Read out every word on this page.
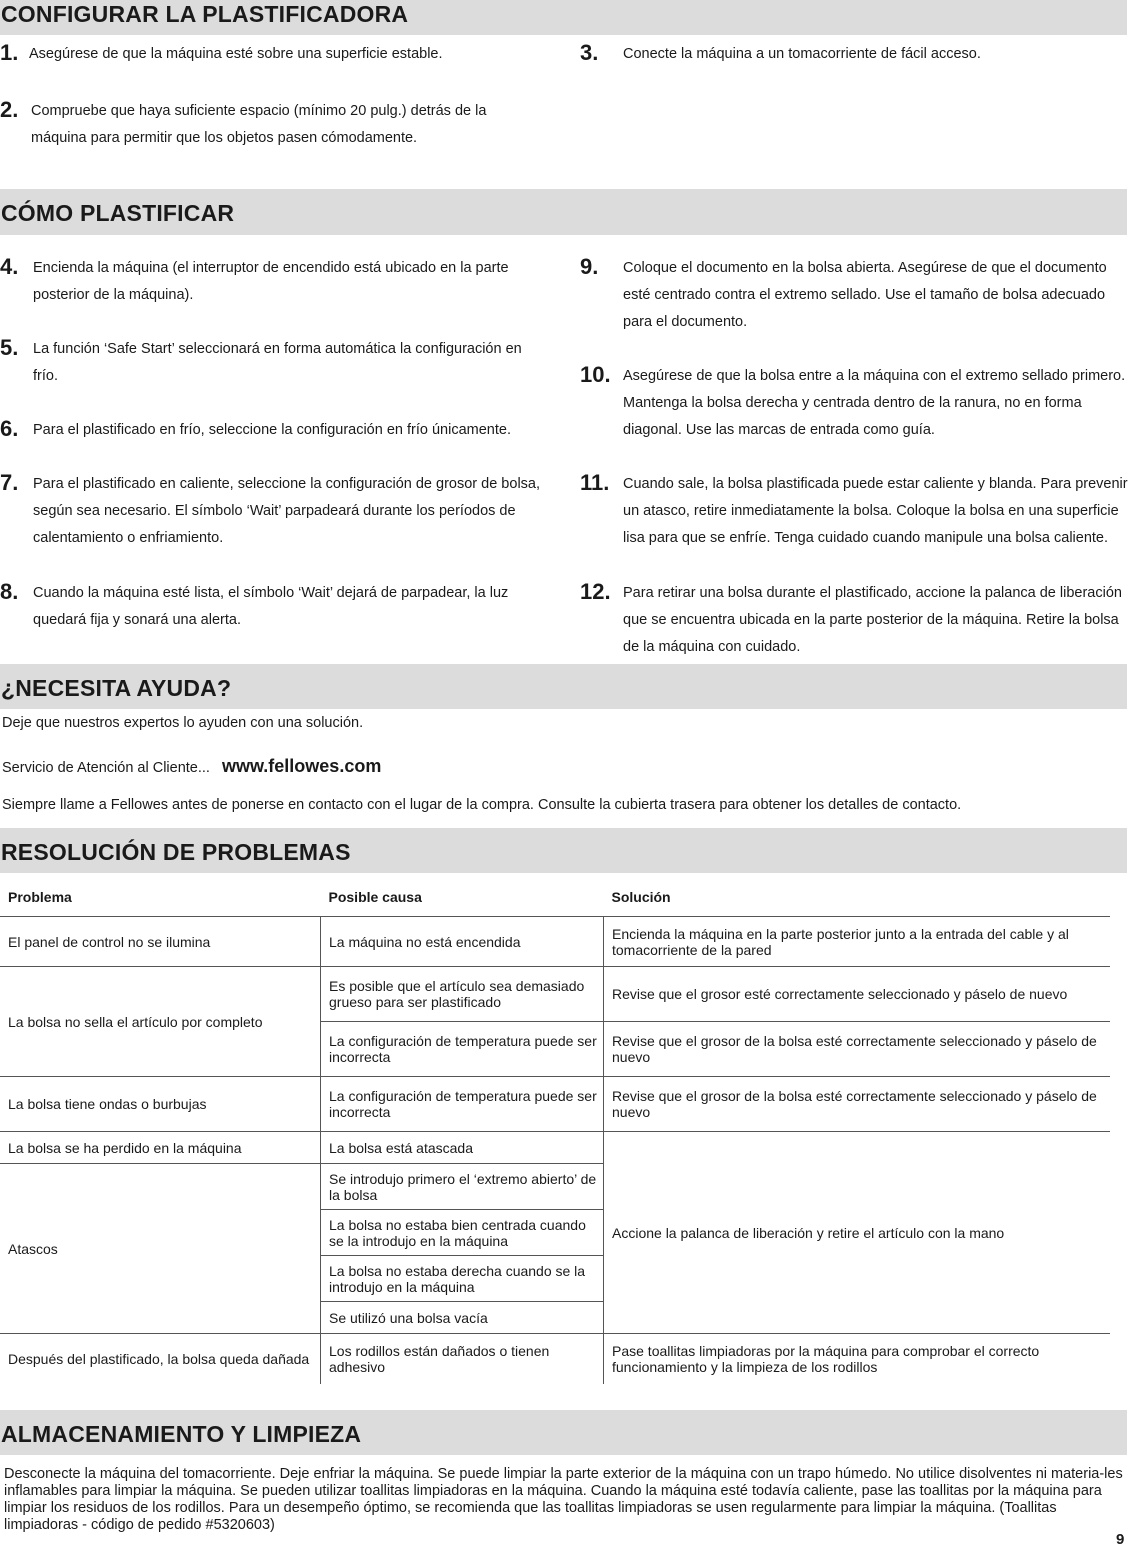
CONFIGURAR LA PLASTIFICADORA
1. Asegúrese de que la máquina esté sobre una superficie estable.
2. Compruebe que haya suficiente espacio (mínimo 20 pulg.) detrás de la máquina para permitir que los objetos pasen cómodamente.
3. Conecte la máquina a un tomacorriente de fácil acceso.
CÓMO PLASTIFICAR
4. Encienda la máquina (el interruptor de encendido está ubicado en la parte posterior de la máquina).
5. La función ‘Safe Start’ seleccionará en forma automática la configuración en frío.
6. Para el plastificado en frío, seleccione la configuración en frío únicamente.
7. Para el plastificado en caliente, seleccione la configuración de grosor de bolsa, según sea necesario. El símbolo ‘Wait’ parpadeará durante los períodos de calentamiento o enfriamiento.
8. Cuando la máquina esté lista, el símbolo ‘Wait’ dejará de parpadear, la luz quedará fija y sonará una alerta.
9. Coloque el documento en la bolsa abierta. Asegúrese de que el documento esté centrado contra el extremo sellado. Use el tamaño de bolsa adecuado para el documento.
10. Asegúrese de que la bolsa entre a la máquina con el extremo sellado primero. Mantenga la bolsa derecha y centrada dentro de la ranura, no en forma diagonal. Use las marcas de entrada como guía.
11. Cuando sale, la bolsa plastificada puede estar caliente y blanda. Para prevenir un atasco, retire inmediatamente la bolsa. Coloque la bolsa en una superficie lisa para que se enfríe. Tenga cuidado cuando manipule una bolsa caliente.
12. Para retirar una bolsa durante el plastificado, accione la palanca de liberación que se encuentra ubicada en la parte posterior de la máquina. Retire la bolsa de la máquina con cuidado.
¿NECESITA AYUDA?
Deje que nuestros expertos lo ayuden con una solución.
Servicio de Atención al Cliente... www.fellowes.com
Siempre llame a Fellowes antes de ponerse en contacto con el lugar de la compra. Consulte la cubierta trasera para obtener los detalles de contacto.
RESOLUCIÓN DE PROBLEMAS
Problema	Posible causa	Solución
El panel de control no se ilumina	La máquina no está encendida	Encienda la máquina en la parte posterior junto a la entrada del cable y al tomacorriente de la pared
La bolsa no sella el artículo por completo	Es posible que el artículo sea demasiado grueso para ser plastificado	Revise que el grosor esté correctamente seleccionado y páselo de nuevo
	La configuración de temperatura puede ser incorrecta	Revise que el grosor de la bolsa esté correctamente seleccionado y páselo de nuevo
La bolsa tiene ondas o burbujas	La configuración de temperatura puede ser incorrecta	Revise que el grosor de la bolsa esté correctamente seleccionado y páselo de nuevo
La bolsa se ha perdido en la máquina	La bolsa está atascada	Accione la palanca de liberación y retire el artículo con la mano
Atascos	Se introdujo primero el ‘extremo abierto’ de la bolsa	
	La bolsa no estaba bien centrada cuando se la introdujo en la máquina	
	La bolsa no estaba derecha cuando se la introdujo en la máquina	
	Se utilizó una bolsa vacía	
Después del plastificado, la bolsa queda dañada	Los rodillos están dañados o tienen adhesivo	Pase toallitas limpiadoras por la máquina para comprobar el correcto funcionamiento y la limpieza de los rodillos
ALMACENAMIENTO Y LIMPIEZA
Desconecte la máquina del tomacorriente. Deje enfriar la máquina. Se puede limpiar la parte exterior de la máquina con un trapo húmedo. No utilice disolventes ni materia-les inflamables para limpiar la máquina. Se pueden utilizar toallitas limpiadoras en la máquina. Cuando la máquina esté todavía caliente, pase las toallitas por la máquina para limpiar los residuos de los rodillos. Para un desempeño óptimo, se recomienda que las toallitas limpiadoras se usen regularmente para limpiar la máquina. (Toallitas limpiadoras - código de pedido #5320603)
9
